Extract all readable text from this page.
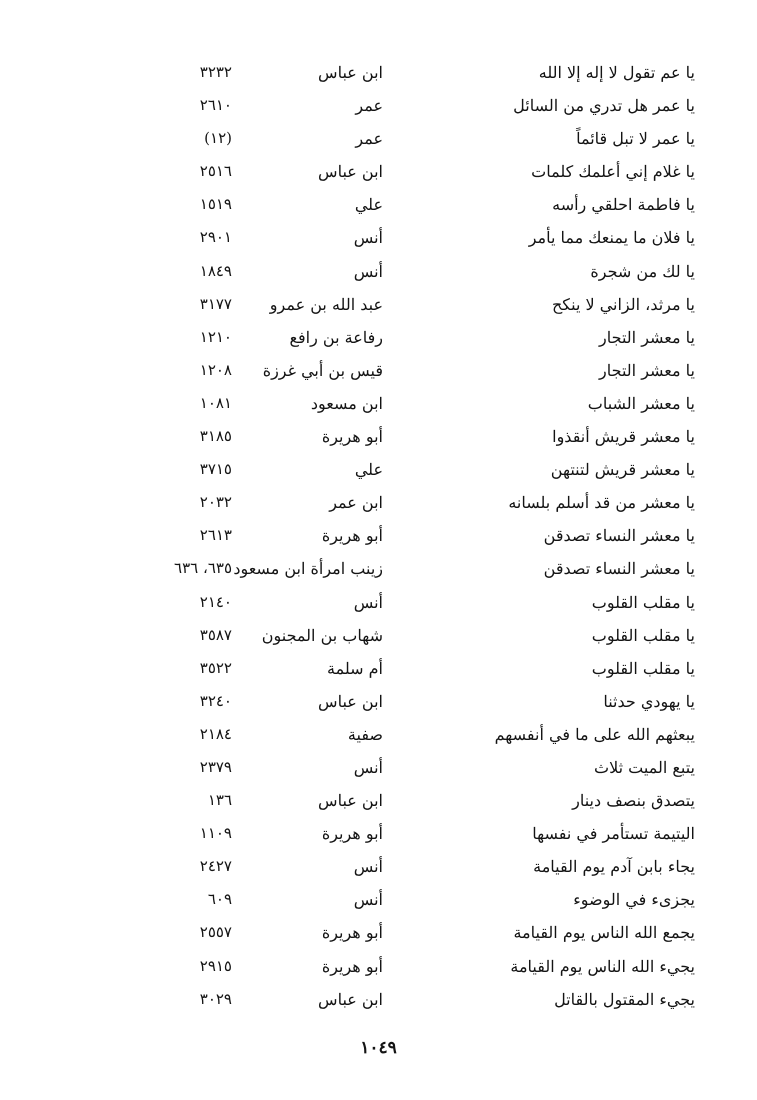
يا عم تقول لا إله إلا الله
ابن عباس
٣٢٣٢
يا عمر هل تدري من السائل
عمر
٢٦١٠
يا عمر لا تبل قائماً
عمر
(١٢)
يا غلام إني أعلمك كلمات
ابن عباس
٢٥١٦
يا فاطمة احلقي رأسه
علي
١٥١٩
يا فلان ما يمنعك مما يأمر
أنس
٢٩٠١
يا لك من شجرة
أنس
١٨٤٩
يا مرثد، الزاني لا ينكح
عبد الله بن عمرو
٣١٧٧
يا معشر التجار
رفاعة بن رافع
١٢١٠
يا معشر التجار
قيس بن أبي غرزة
١٢٠٨
يا معشر الشباب
ابن مسعود
١٠٨١
يا معشر قريش أنقذوا
أبو هريرة
٣١٨٥
يا معشر قريش لتنتهن
علي
٣٧١٥
يا معشر من قد أسلم بلسانه
ابن عمر
٢٠٣٢
يا معشر النساء تصدقن
أبو هريرة
٢٦١٣
يا معشر النساء تصدقن
زينب امرأة ابن مسعود
٦٣٥، ٦٣٦
يا مقلب القلوب
أنس
٢١٤٠
يا مقلب القلوب
شهاب بن المجنون
٣٥٨٧
يا مقلب القلوب
أم سلمة
٣٥٢٢
يا يهودي حدثنا
ابن عباس
٣٢٤٠
يبعثهم الله على ما في أنفسهم
صفية
٢١٨٤
يتبع الميت ثلاث
أنس
٢٣٧٩
يتصدق بنصف دينار
ابن عباس
١٣٦
اليتيمة تستأمر في نفسها
أبو هريرة
١١٠٩
يجاء بابن آدم يوم القيامة
أنس
٢٤٢٧
يجزىء في الوضوء
أنس
٦٠٩
يجمع الله الناس يوم القيامة
أبو هريرة
٢٥٥٧
يجيء الله الناس يوم القيامة
أبو هريرة
٢٩١٥
يجيء المقتول بالقاتل
ابن عباس
٣٠٢٩
١٠٤٩
